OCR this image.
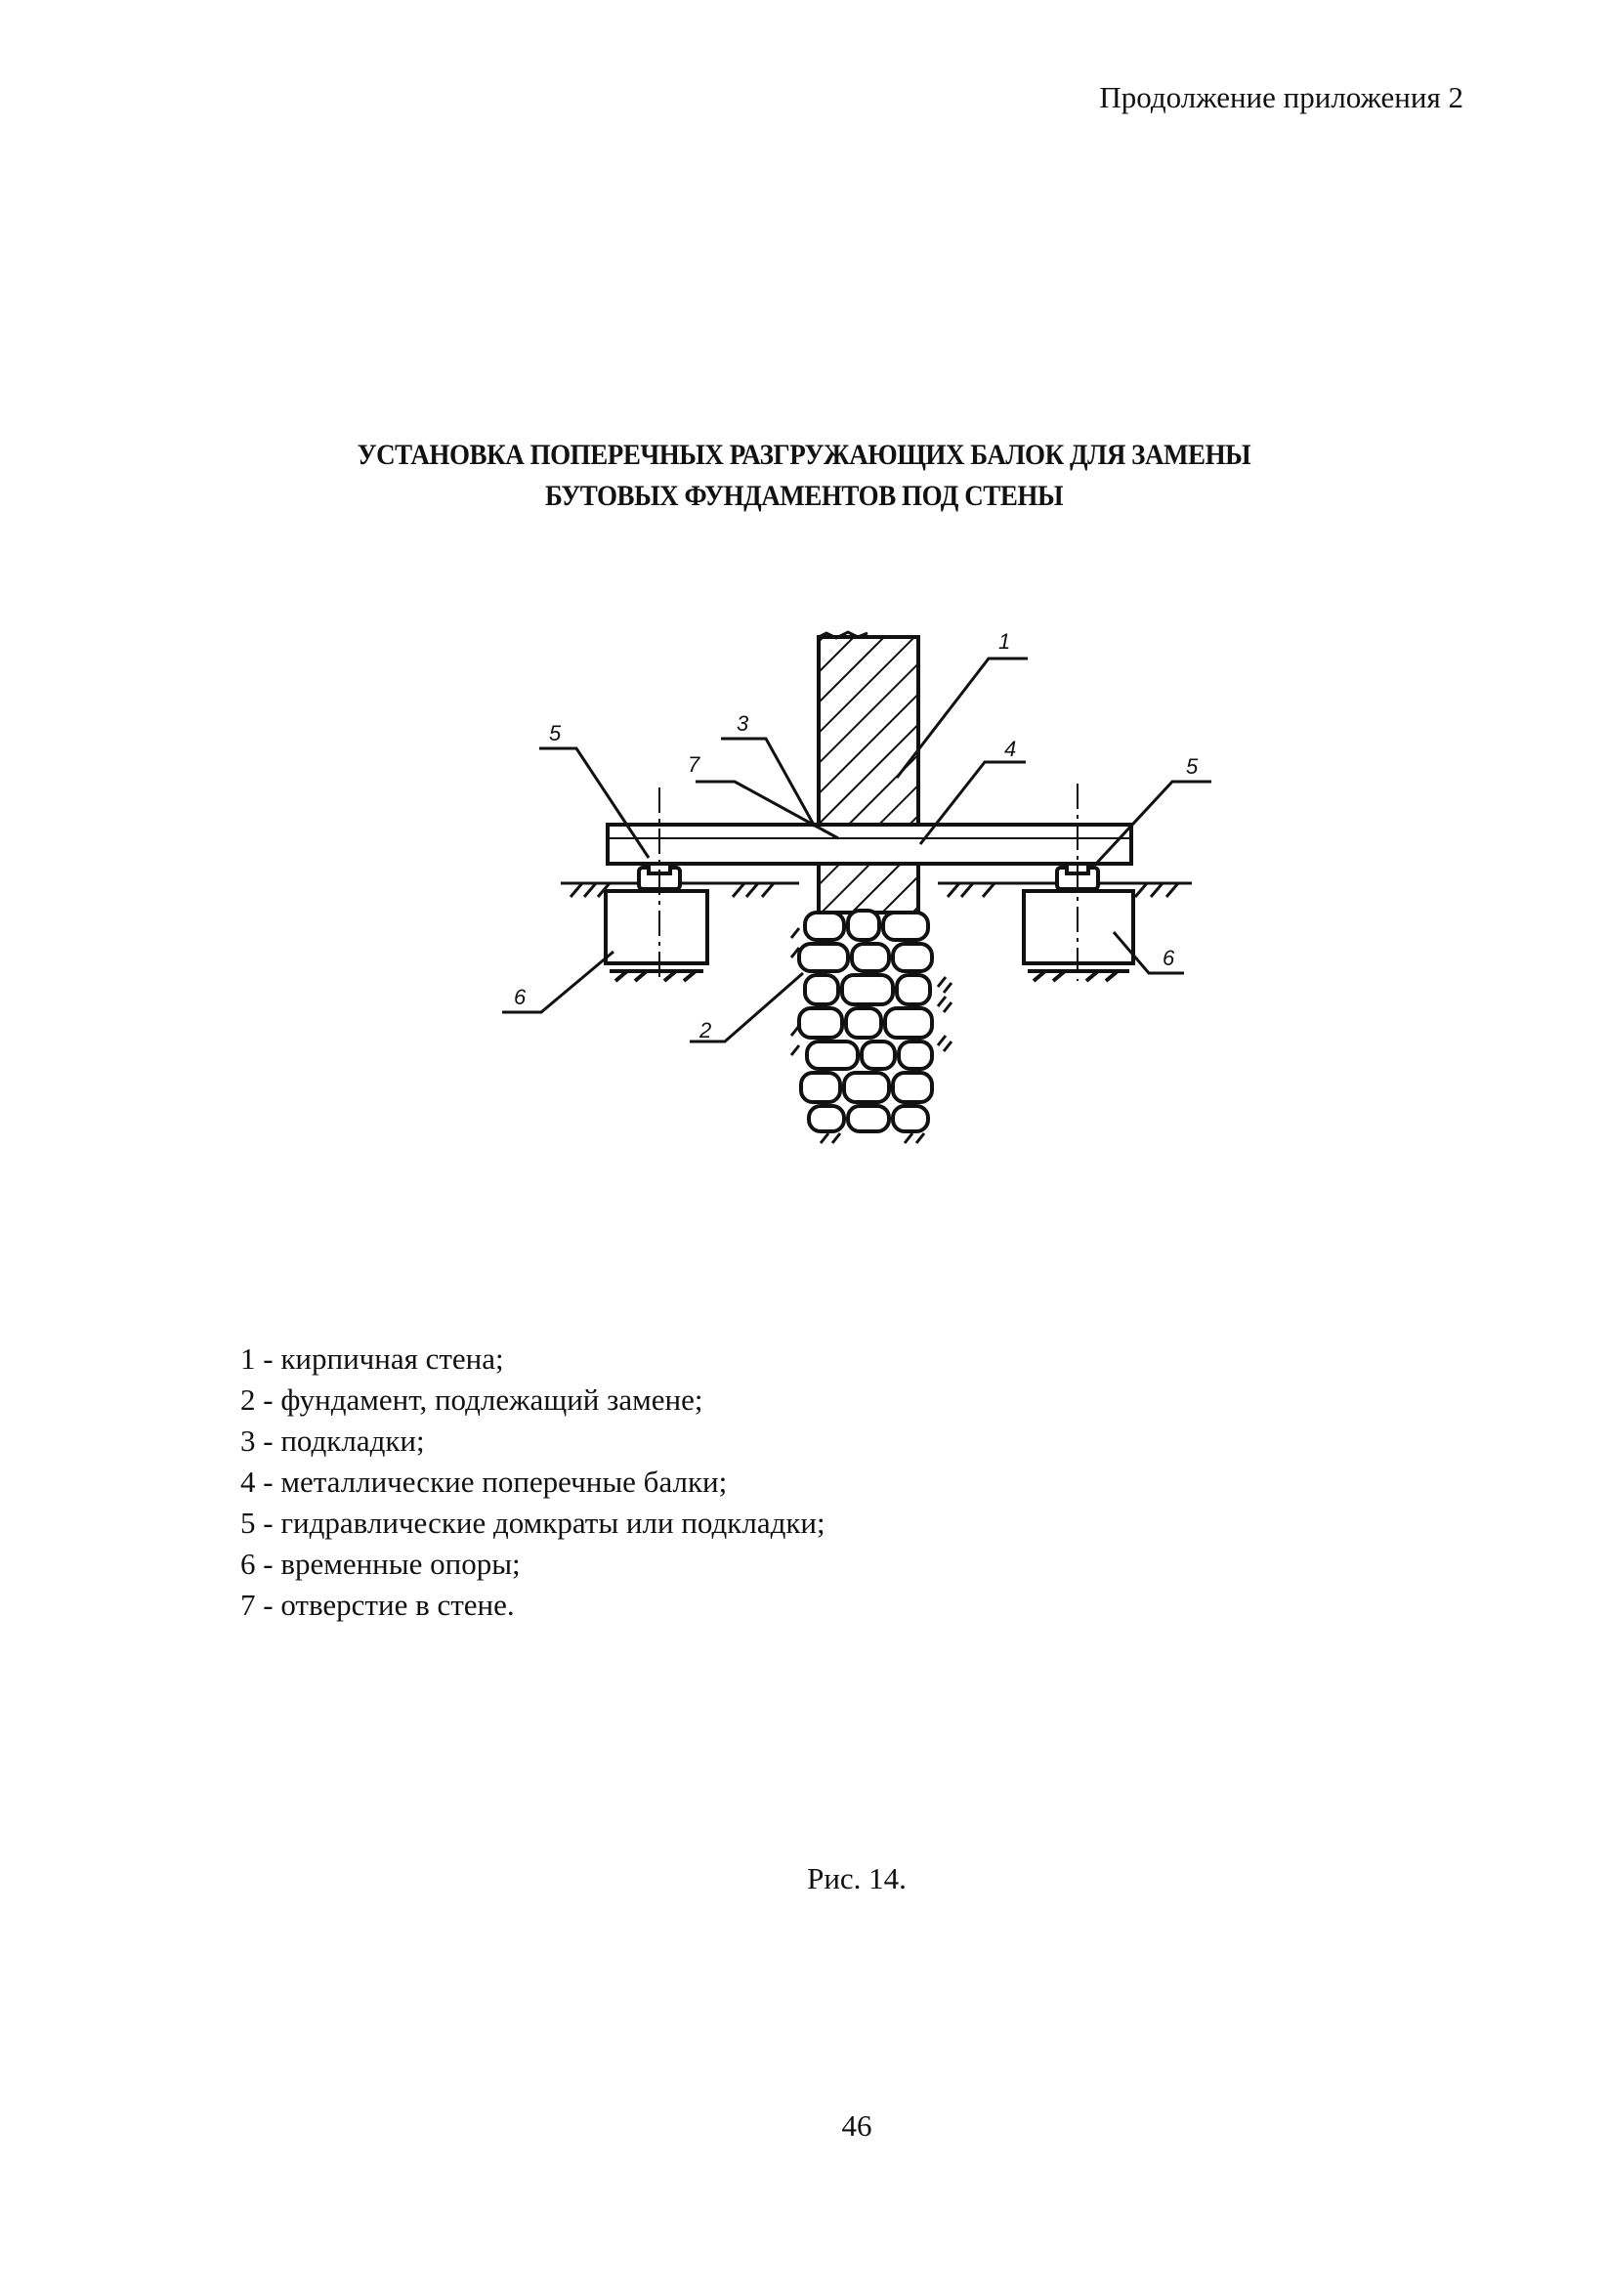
Продолжение приложения 2
УСТАНОВКА ПОПЕРЕЧНЫХ РАЗГРУЖАЮЩИХ БАЛОК ДЛЯ ЗАМЕНЫ
БУТОВЫХ ФУНДАМЕНТОВ ПОД СТЕНЫ
1
2
3
4
5
5
6
6
7
1 - кирпичная стена;
2 - фундамент, подлежащий замене;
3 - подкладки;
4 - металлические поперечные балки;
5 - гидравлические домкраты или подкладки;
6 - временные опоры;
7 - отверстие в стене.
Рис. 14.
46
